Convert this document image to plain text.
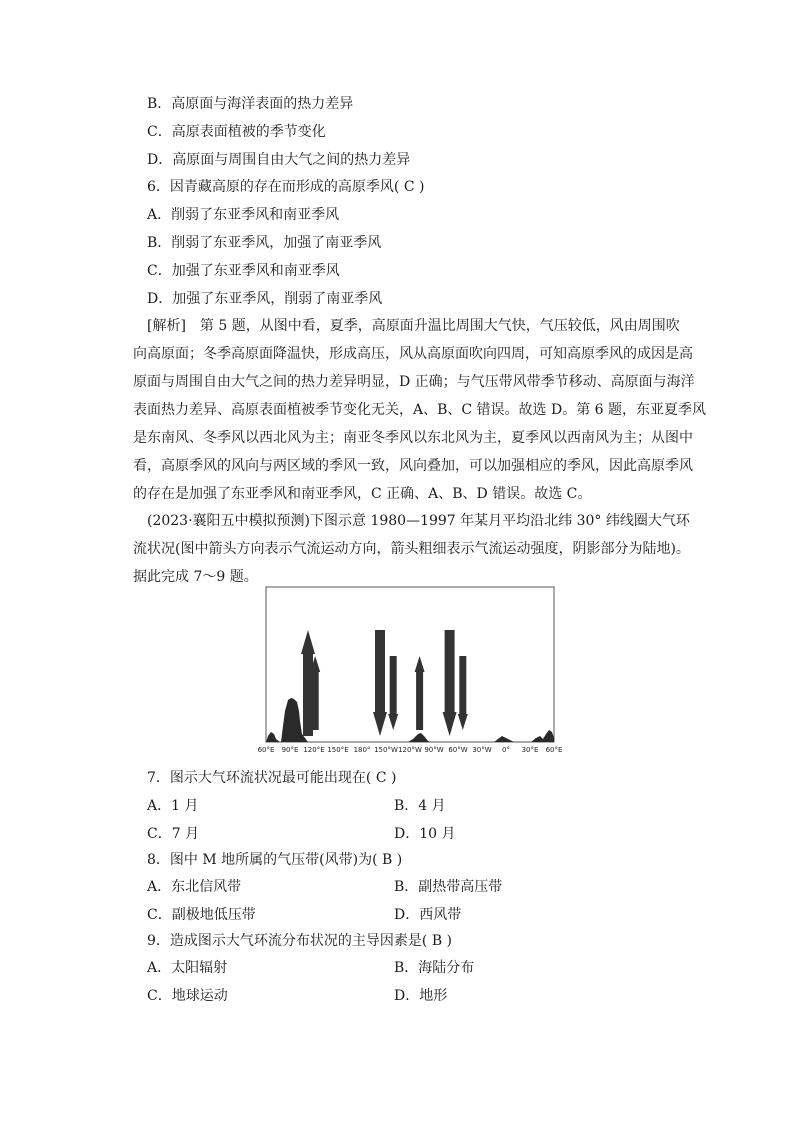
B．高原面与海洋表面的热力差异
C．高原表面植被的季节变化
D．高原面与周围自由大气之间的热力差异
6．因青藏高原的存在而形成的高原季风( C )
A．削弱了东亚季风和南亚季风
B．削弱了东亚季风，加强了南亚季风
C．加强了东亚季风和南亚季风
D．加强了东亚季风，削弱了南亚季风
[解析]　第 5 题，从图中看，夏季，高原面升温比周围大气快，气压较低，风由周围吹
向高原面；冬季高原面降温快，形成高压，风从高原面吹向四周，可知高原季风的成因是高
原面与周围自由大气之间的热力差异明显，D 正确；与气压带风带季节移动、高原面与海洋
表面热力差异、高原表面植被季节变化无关，A、B、C 错误。故选 D。第 6 题，东亚夏季风
是东南风、冬季风以西北风为主；南亚冬季风以东北风为主，夏季风以西南风为主；从图中
看，高原季风的风向与两区域的季风一致，风向叠加，可以加强相应的季风，因此高原季风
的存在是加强了东亚季风和南亚季风，C 正确、A、B、D 错误。故选 C。
(2023·襄阳五中模拟预测)下图示意 1980—1997 年某月平均沿北纬 30° 纬线圈大气环
流状况(图中箭头方向表示气流运动方向，箭头粗细表示气流运动强度，阴影部分为陆地)。
据此完成 7～9 题。
60°E 90°E 120°E 150°E 180° 150°W 120°W 90°W 60°W 30°W 0° 30°E 60°E
7．图示大气环流状况最可能出现在( C )
A．1 月	B．4 月
C．7 月	D．10 月
8．图中 M 地所属的气压带(风带)为( B )
A．东北信风带	B．副热带高压带
C．副极地低压带	D．西风带
9．造成图示大气环流分布状况的主导因素是( B )
A．太阳辐射	B．海陆分布
C．地球运动	D．地形
